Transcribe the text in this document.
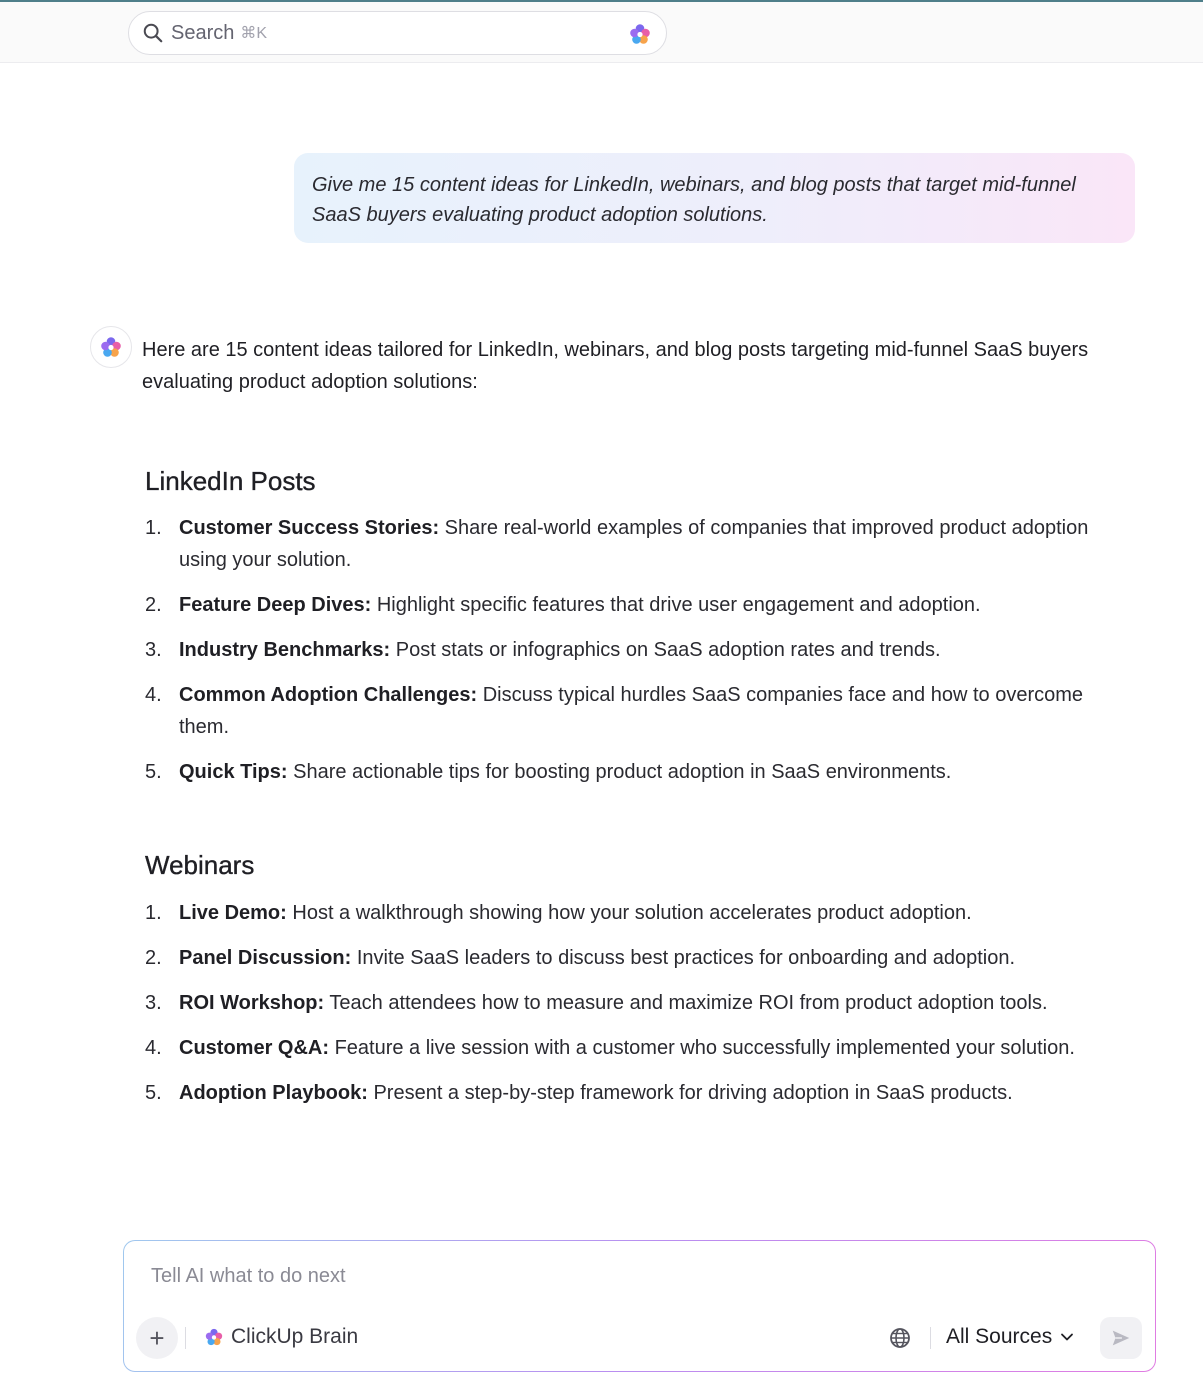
Search ⌘K
Give me 15 content ideas for LinkedIn, webinars, and blog posts that target mid-funnel SaaS buyers evaluating product adoption solutions.
Here are 15 content ideas tailored for LinkedIn, webinars, and blog posts targeting mid-funnel SaaS buyers evaluating product adoption solutions:
LinkedIn Posts
1. Customer Success Stories: Share real-world examples of companies that improved product adoption using your solution.
2. Feature Deep Dives: Highlight specific features that drive user engagement and adoption.
3. Industry Benchmarks: Post stats or infographics on SaaS adoption rates and trends.
4. Common Adoption Challenges: Discuss typical hurdles SaaS companies face and how to overcome them.
5. Quick Tips: Share actionable tips for boosting product adoption in SaaS environments.
Webinars
1. Live Demo: Host a walkthrough showing how your solution accelerates product adoption.
2. Panel Discussion: Invite SaaS leaders to discuss best practices for onboarding and adoption.
3. ROI Workshop: Teach attendees how to measure and maximize ROI from product adoption tools.
4. Customer Q&A: Feature a live session with a customer who successfully implemented your solution.
5. Adoption Playbook: Present a step-by-step framework for driving adoption in SaaS products.
Tell AI what to do next
+	ClickUp Brain	All Sources
